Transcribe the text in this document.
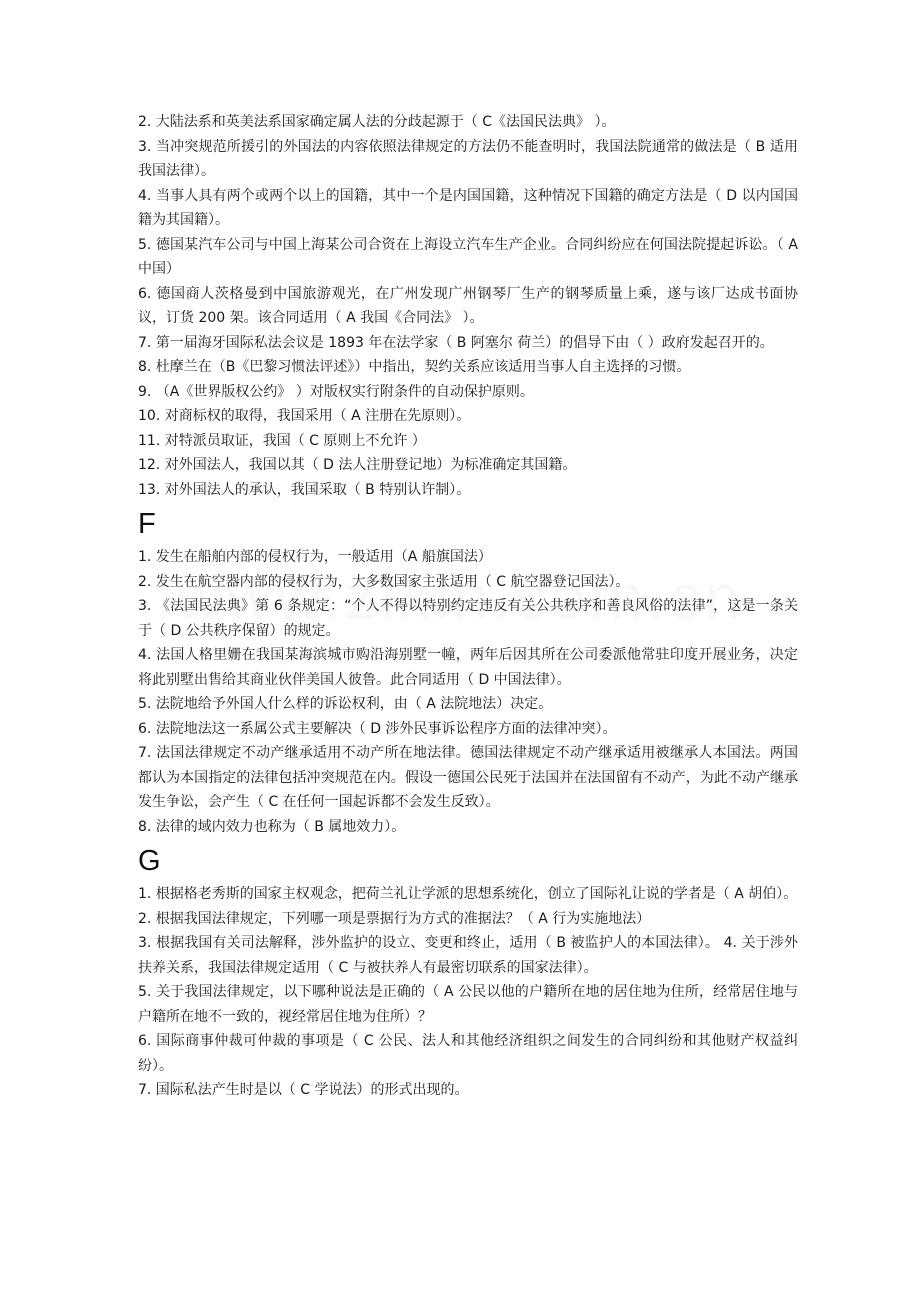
2. 大陆法系和英美法系国家确定属人法的分歧起源于（ C《法国民法典》 ）。

3. 当冲突规范所援引的外国法的内容依照法律规定的方法仍不能查明时，我国法院通常的做法是（ B 适用我国法律）。

4. 当事人具有两个或两个以上的国籍，其中一个是内国国籍，这种情况下国籍的确定方法是（ D 以内国国籍为其国籍）。

5. 德国某汽车公司与中国上海某公司合资在上海设立汽车生产企业。合同纠纷应在何国法院提起诉讼。（ A 中国）

6. 德国商人茨格曼到中国旅游观光，在广州发现广州钢琴厂生产的钢琴质量上乘，遂与该厂达成书面协议，订货 200 架。该合同适用（ A 我国《合同法》 ）。

7. 第一届海牙国际私法会议是 1893 年在法学家（ B 阿塞尔 荷兰）的倡导下由（ ）政府发起召开的。

8. 杜摩兰在（B《巴黎习惯法评述》）中指出，契约关系应该适用当事人自主选择的习惯。

9. （A《世界版权公约》 ）对版权实行附条件的自动保护原则。

10. 对商标权的取得，我国采用（ A 注册在先原则）。

11. 对特派员取证，我国（ C 原则上不允许 ）

12. 对外国法人，我国以其（ D 法人注册登记地）为标准确定其国籍。

13. 对外国法人的承认，我国采取（ B 特别认许制）。

F

1. 发生在船舶内部的侵权行为，一般适用（A 船旗国法）

2. 发生在航空器内部的侵权行为，大多数国家主张适用（ C 航空器登记国法）。

3. 《法国民法典》第 6 条规定：“个人不得以特别约定违反有关公共秩序和善良风俗的法律”，这是一条关于（ D 公共秩序保留）的规定。

4. 法国人格里姗在我国某海滨城市购沿海别墅一幢，两年后因其所在公司委派他常驻印度开展业务，决定将此别墅出售给其商业伙伴美国人彼鲁。此合同适用（ D 中国法律）。

5. 法院地给予外国人什么样的诉讼权利，由（ A 法院地法）决定。

6. 法院地法这一系属公式主要解决（ D 涉外民事诉讼程序方面的法律冲突）。

7. 法国法律规定不动产继承适用不动产所在地法律。德国法律规定不动产继承适用被继承人本国法。两国都认为本国指定的法律包括冲突规范在内。假设一德国公民死于法国并在法国留有不动产，为此不动产继承发生争讼，会产生（ C 在任何一国起诉都不会发生反致）。

8. 法律的域内效力也称为（ B 属地效力）。

G

1. 根据格老秀斯的国家主权观念，把荷兰礼让学派的思想系统化，创立了国际礼让说的学者是（ A 胡伯）。

2. 根据我国法律规定，下列哪一项是票据行为方式的准据法？（ A 行为实施地法）

3. 根据我国有关司法解释，涉外监护的设立、变更和终止，适用（ B 被监护人的本国法律）。 4. 关于涉外扶养关系，我国法律规定适用（ C 与被扶养人有最密切联系的国家法律）。

5. 关于我国法律规定，以下哪种说法是正确的（ A 公民以他的户籍所在地的居住地为住所，经常居住地与户籍所在地不一致的，视经常居住地为住所）？

6. 国际商事仲裁可仲裁的事项是（ C 公民、法人和其他经济组织之间发生的合同纠纷和其他财产权益纠纷）。

7. 国际私法产生时是以（ C 学说法）的形式出现的。
